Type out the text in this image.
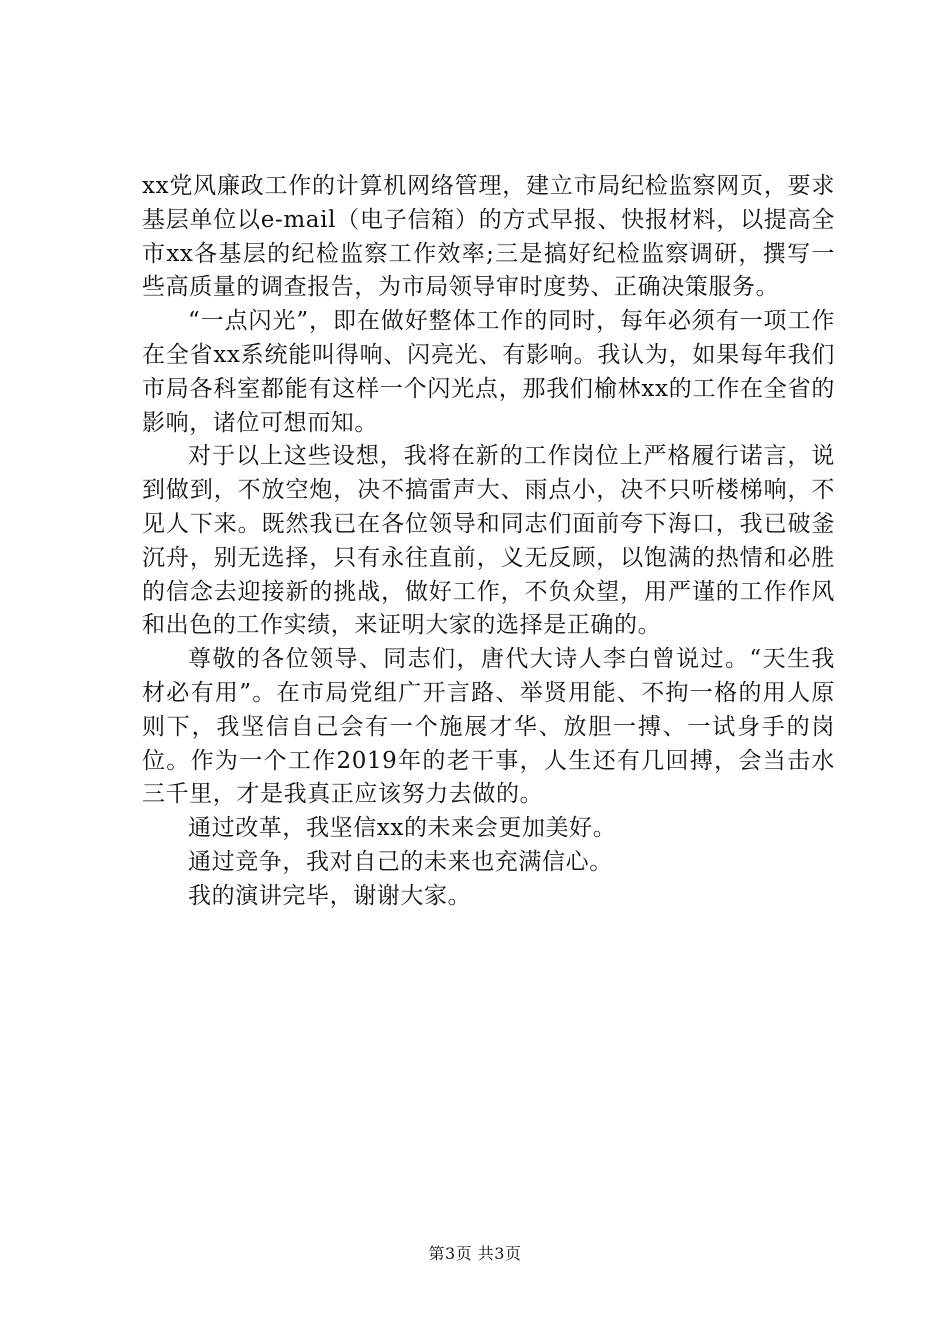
xx党风廉政工作的计算机网络管理，建立市局纪检监察网页，要求基层单位以e-mail（电子信箱）的方式早报、快报材料，以提高全市xx各基层的纪检监察工作效率;三是搞好纪检监察调研，撰写一些高质量的调查报告，为市局领导审时度势、正确决策服务。

“一点闪光”，即在做好整体工作的同时，每年必须有一项工作在全省xx系统能叫得响、闪亮光、有影响。我认为，如果每年我们市局各科室都能有这样一个闪光点，那我们榆林xx的工作在全省的影响，诸位可想而知。

对于以上这些设想，我将在新的工作岗位上严格履行诺言，说到做到，不放空炮，决不搞雷声大、雨点小，决不只听楼梯响，不见人下来。既然我已在各位领导和同志们面前夸下海口，我已破釜沉舟，别无选择，只有永往直前，义无反顾，以饱满的热情和必胜的信念去迎接新的挑战，做好工作，不负众望，用严谨的工作作风和出色的工作实绩，来证明大家的选择是正确的。

尊敬的各位领导、同志们，唐代大诗人李白曾说过。“天生我材必有用”。在市局党组广开言路、举贤用能、不拘一格的用人原则下，我坚信自己会有一个施展才华、放胆一搏、一试身手的岗位。作为一个工作2019年的老干事，人生还有几回搏，会当击水三千里，才是我真正应该努力去做的。

通过改革，我坚信xx的未来会更加美好。

通过竞争，我对自己的未来也充满信心。

我的演讲完毕，谢谢大家。

第3页 共3页
